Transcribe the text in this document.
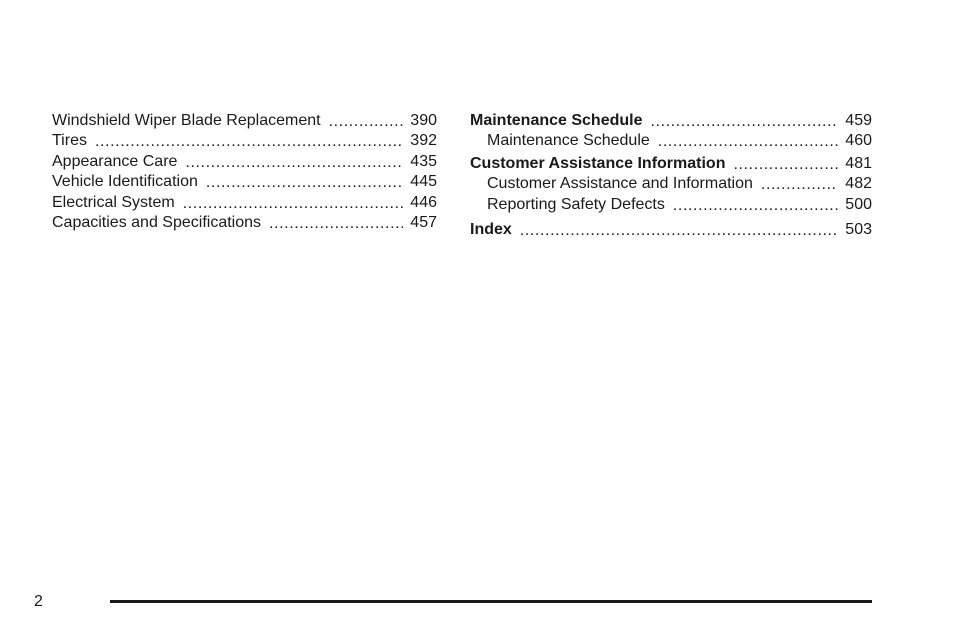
Windshield Wiper Blade Replacement .....	390
Tires .....	392
Appearance Care .....	435
Vehicle Identification .....	445
Electrical System .....	446
Capacities and Specifications .....	457
Maintenance Schedule .....	459
Maintenance Schedule .....	460
Customer Assistance Information .....	481
Customer Assistance and Information .....	482
Reporting Safety Defects .....	500
Index .....	503
2
